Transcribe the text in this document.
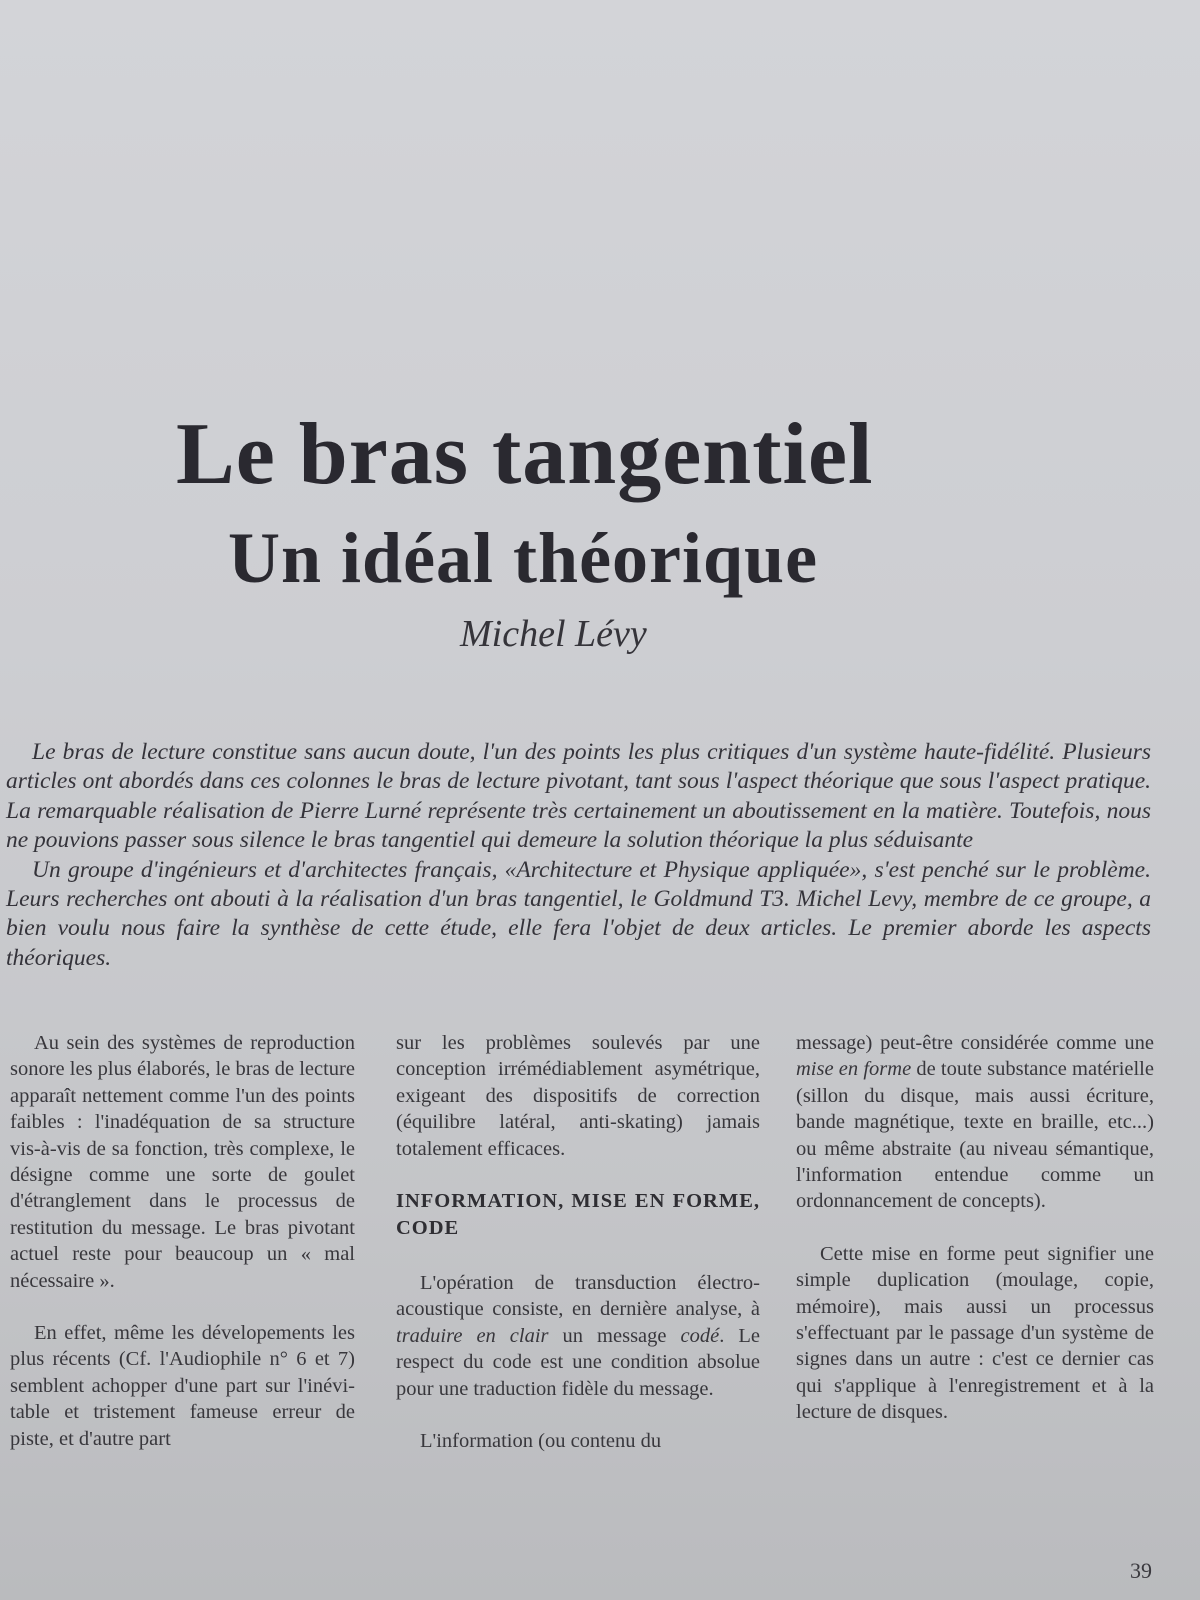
Le bras tangentiel
Un idéal théorique
Michel Lévy

Le bras de lecture constitue sans aucun doute, l'un des points les plus critiques d'un système haute-fidélité. Plusieurs articles ont abordés dans ces colonnes le bras de lecture pivotant, tant sous l'aspect théorique que sous l'aspect pratique. La remarquable réalisation de Pierre Lurné représente très certainement un aboutissement en la matière. Toutefois, nous ne pouvions passer sous silence le bras tangentiel qui demeure la solution théorique la plus séduisante

Un groupe d'ingénieurs et d'architectes français, «Architecture et Physique appliquée», s'est penché sur le problème. Leurs recherches ont abouti à la réalisation d'un bras tangentiel, le Goldmund T3. Michel Levy, membre de ce groupe, a bien voulu nous faire la synthèse de cette étude, elle fera l'objet de deux articles. Le premier aborde les aspects théoriques.

Au sein des systèmes de reproduction sonore les plus élaborés, le bras de lecture apparaît nettement comme l'un des points faibles : l'inadéquation de sa structure vis-à-vis de sa fonction, très complexe, le désigne comme une sorte de goulet d'étranglement dans le processus de restitution du message. Le bras pivotant actuel reste pour beaucoup un « mal nécessaire ».

En effet, même les dévelopements les plus récents (Cf. l'Audiophile n° 6 et 7) semblent achopper d'une part sur l'inévitable et tristement fameuse erreur de piste, et d'autre part

sur les problèmes soulevés par une conception irrémédiablement asymétrique, exigeant des dispositifs de correction (équilibre latéral, anti-skating) jamais totalement efficaces.

INFORMATION, MISE EN FORME, CODE

L'opération de transduction électro-acoustique consiste, en dernière analyse, à traduire en clair un message codé. Le respect du code est une condition absolue pour une traduction fidèle du message.

L'information (ou contenu du

message) peut-être considérée comme une mise en forme de toute substance matérielle (sillon du disque, mais aussi écriture, bande magnétique, texte en braille, etc...) ou même abstraite (au niveau sémantique, l'information entendue comme un ordonnancement de concepts).

Cette mise en forme peut signifier une simple duplication (moulage, copie, mémoire), mais aussi un processus s'effectuant par le passage d'un système de signes dans un autre : c'est ce dernier cas qui s'applique à l'enregistrement et à la lecture de disques.

39
